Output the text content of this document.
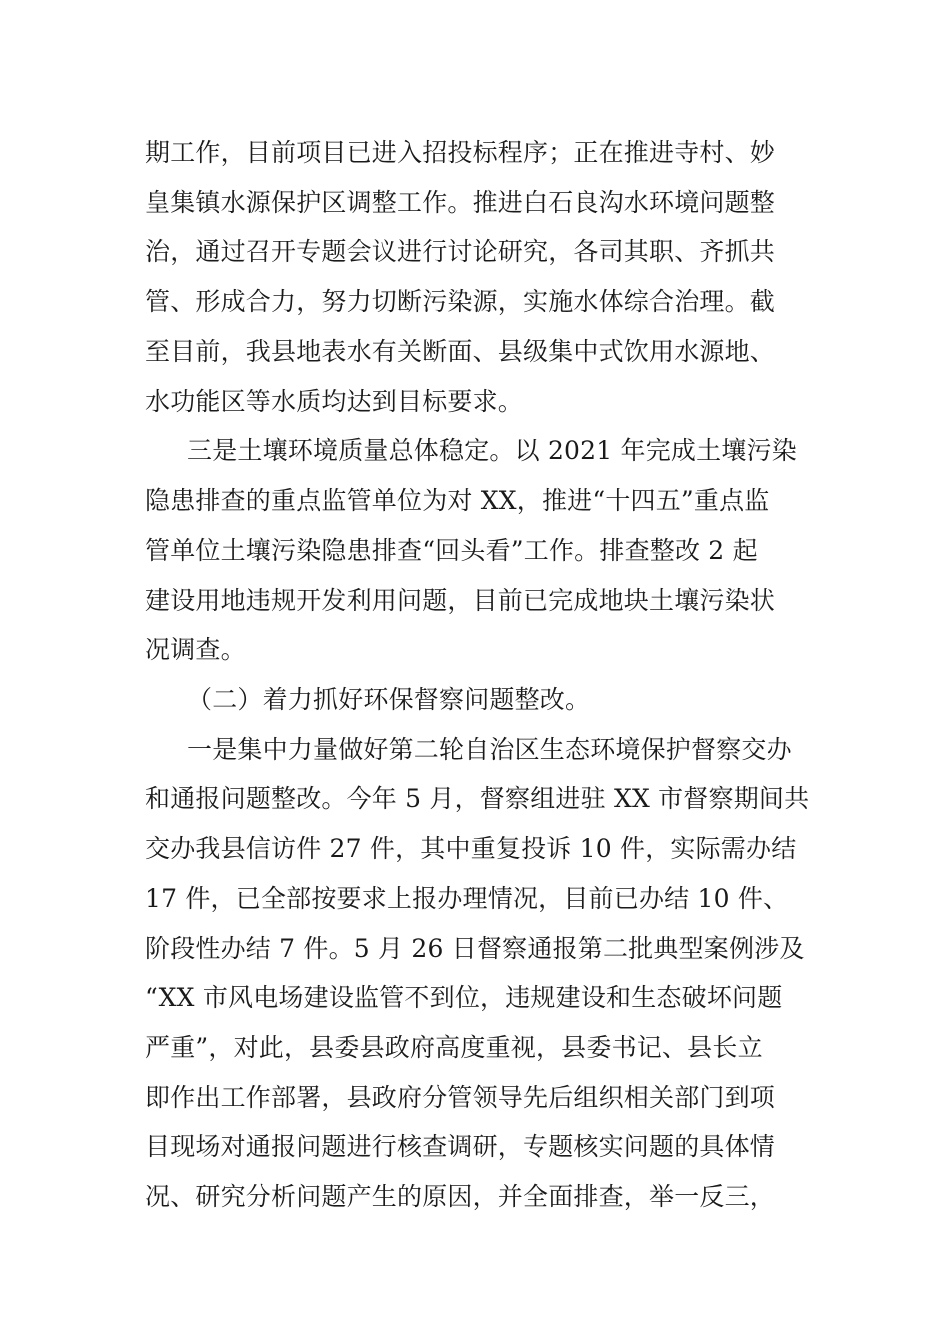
期工作，目前项目已进入招投标程序；正在推进寺村、妙
皇集镇水源保护区调整工作。推进白石良沟水环境问题整
治，通过召开专题会议进行讨论研究，各司其职、齐抓共
管、形成合力，努力切断污染源，实施水体综合治理。截
至目前，我县地表水有关断面、县级集中式饮用水源地、
水功能区等水质均达到目标要求。
三是土壤环境质量总体稳定。以 2021 年完成土壤污染
隐患排查的重点监管单位为对 XX，推进“十四五”重点监
管单位土壤污染隐患排查“回头看”工作。排查整改 2 起
建设用地违规开发利用问题，目前已完成地块土壤污染状
况调查。
（二）着力抓好环保督察问题整改。
一是集中力量做好第二轮自治区生态环境保护督察交办
和通报问题整改。今年 5 月，督察组进驻 XX 市督察期间共
交办我县信访件 27 件，其中重复投诉 10 件，实际需办结
17 件，已全部按要求上报办理情况，目前已办结 10 件、
阶段性办结 7 件。5 月 26 日督察通报第二批典型案例涉及
“XX 市风电场建设监管不到位，违规建设和生态破坏问题
严重”，对此，县委县政府高度重视，县委书记、县长立
即作出工作部署，县政府分管领导先后组织相关部门到项
目现场对通报问题进行核查调研，专题核实问题的具体情
况、研究分析问题产生的原因，并全面排查，举一反三，
